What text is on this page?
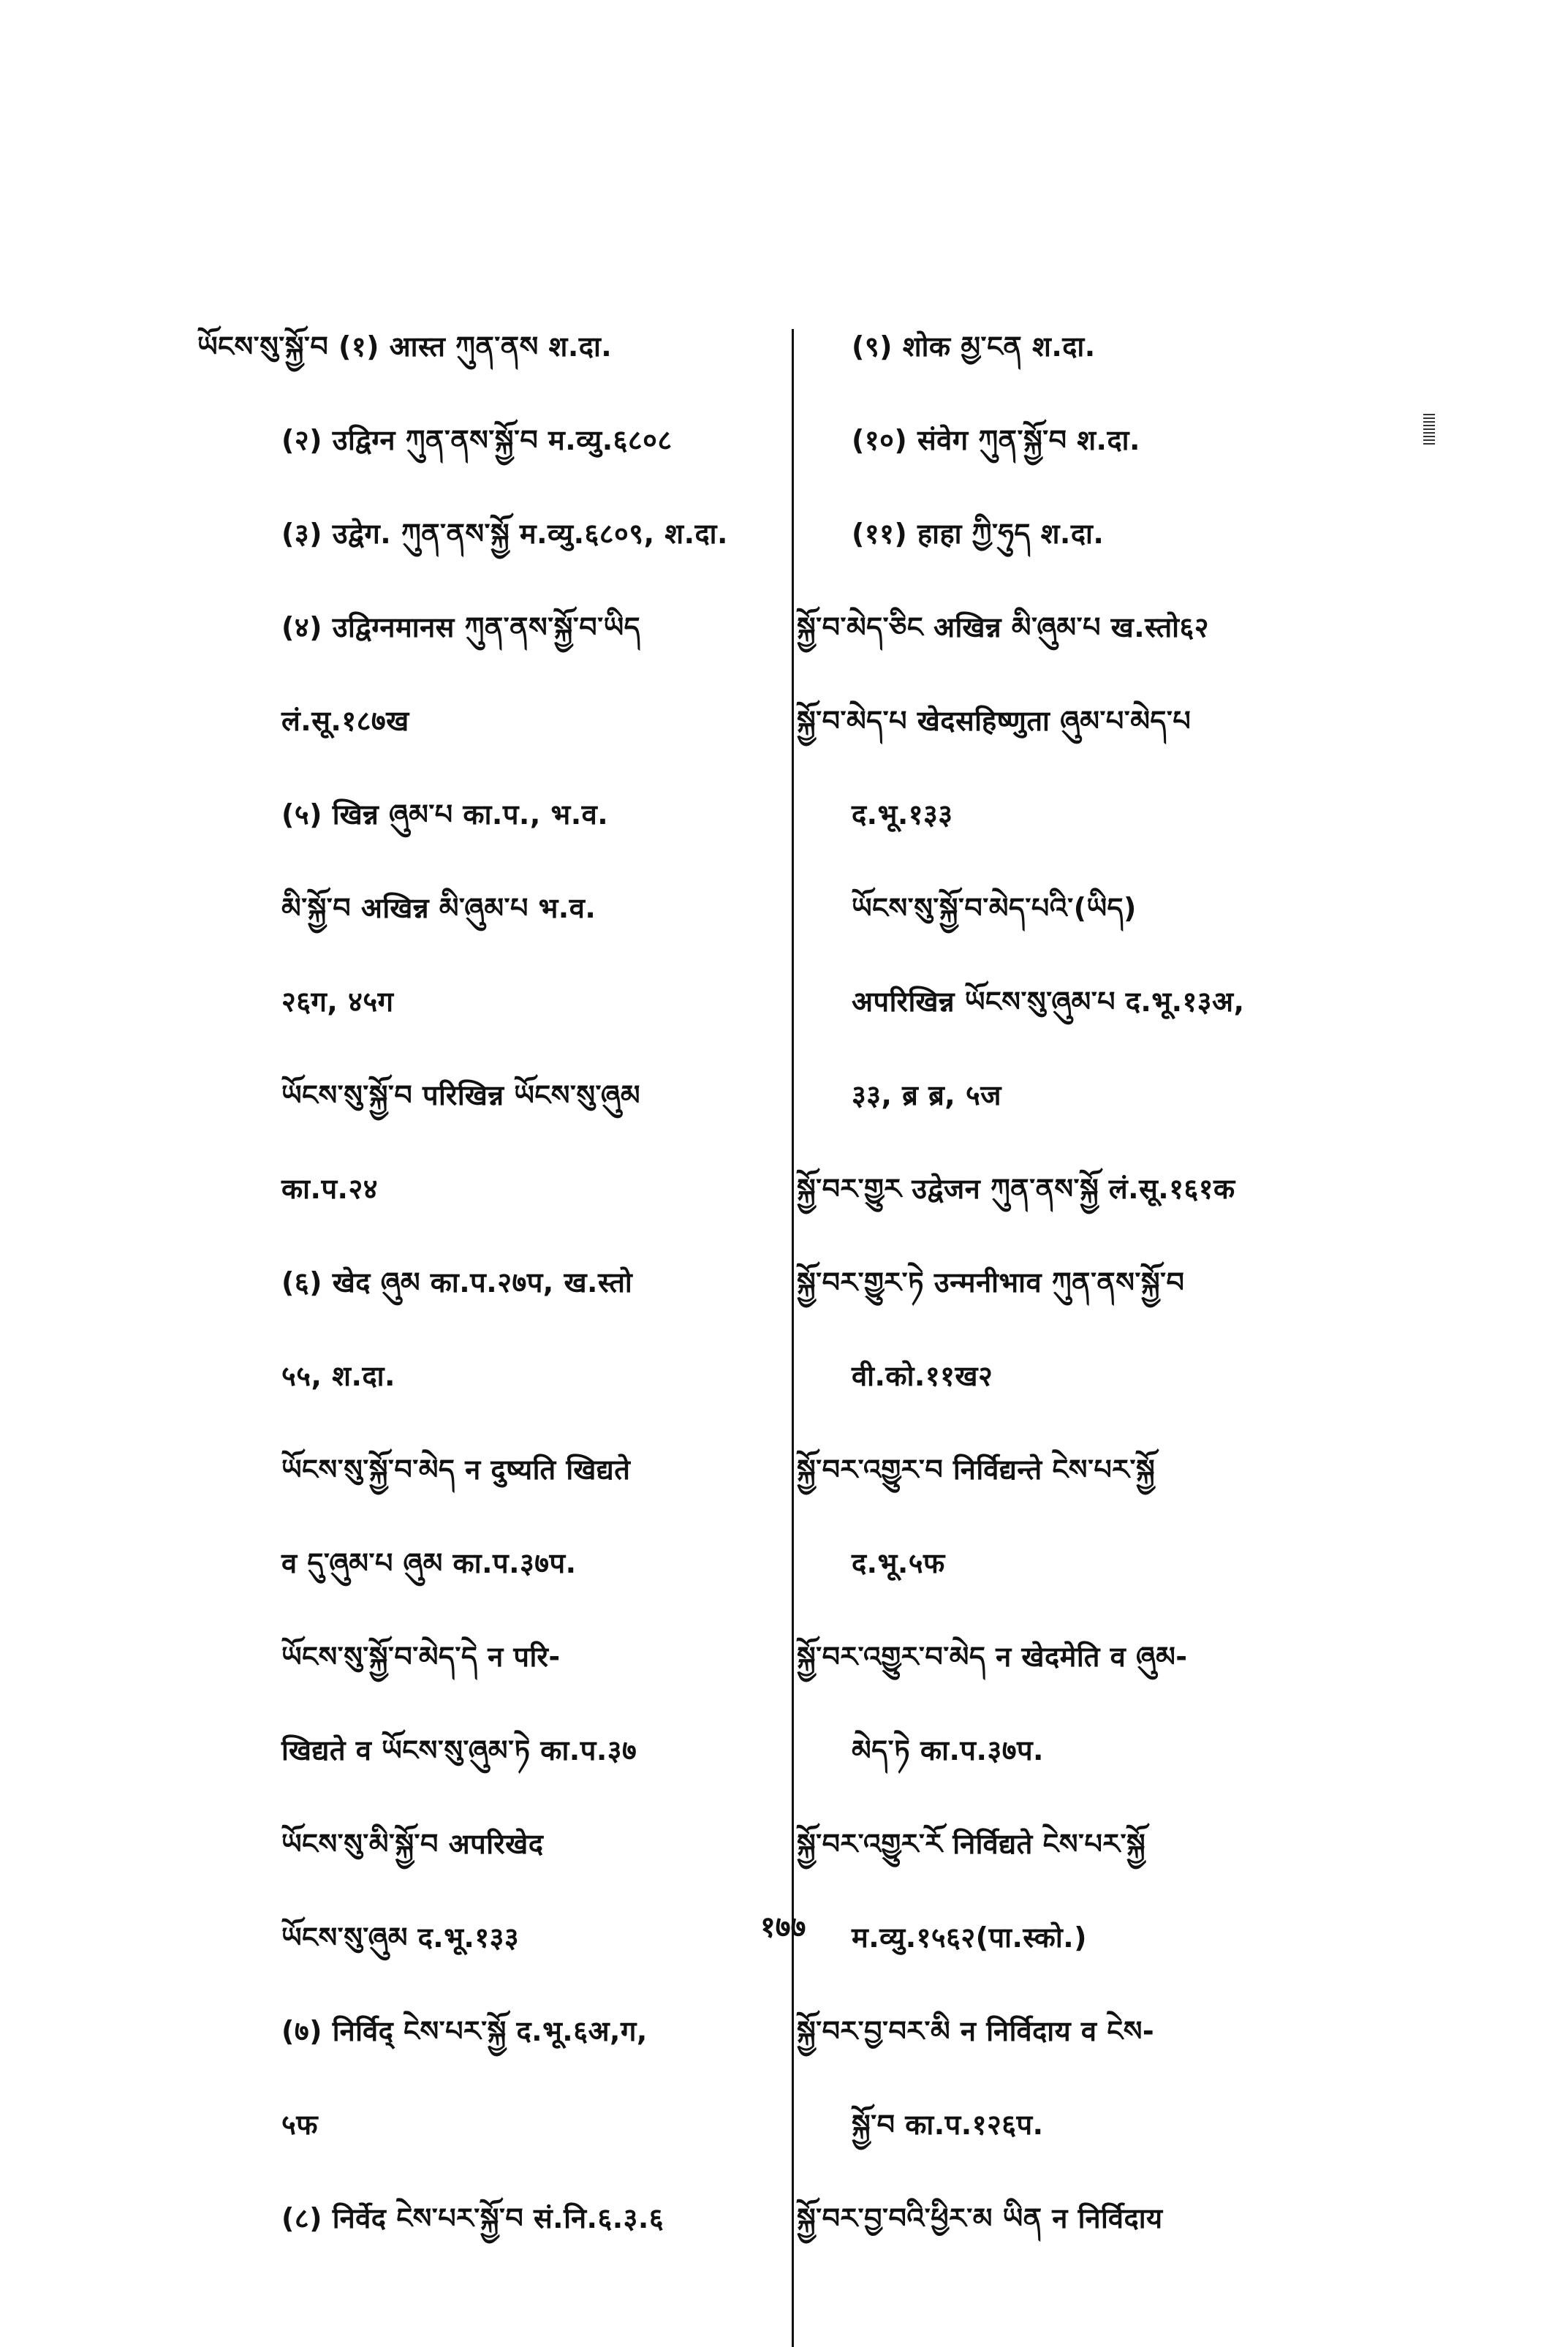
ཡོངས་སུ་སྐྱོ་བ (१) आस्त ཀུན་ནས श.दा.
(२) उद्विग्न ཀུན་ནས་སྐྱོ་བ म.व्यु.६८०८
(३) उद्वेग. ཀུན་ནས་སྐྱོ म.व्यु.६८०९, श.दा.
(४) उद्विग्नमानस ཀུན་ནས་སྐྱོ་བ་ཡིད
लं.सू.१८७ख
(५) खिन्न ཞུམ་པ का.प., भ.व.
མི་སྐྱོ་བ अखिन्न མི་ཞུམ་པ भ.व.
२६ग, ४५ग
ཡོངས་སུ་སྐྱོ་བ परिखिन्न ཡོངས་སུ་ཞུམ
का.प.२४
(६) खेद ཞུམ का.प.२७प, ख.स्तो
५५, श.दा.
ཡོངས་སུ་སྐྱོ་བ་མེད न दुष्यति खिद्यते
व དུ་ཞུམ་པ ཞུམ का.प.३७प.
ཡོངས་སུ་སྐྱོ་བ་མེད་དེ न परि-
खिद्यते व ཡོངས་སུ་ཞུམ་ཏེ का.प.३७
ཡོངས་སུ་མི་སྐྱོ་བ अपरिखेद
ཡོངས་སུ་ཞུམ द.भू.१३३
(७) निर्विद् ངེས་པར་སྐྱོ द.भू.६अ,ग,
५फ
(८) निर्वेद ངེས་པར་སྐྱོ་བ सं.नि.६.३.६
(९) शोक མྱ་ངན श.दा.
(१०) संवेग ཀུན་སྐྱོ་བ श.दा.
(११) हाहा ཀྱི་ཧུད श.दा.
སྐྱོ་བ་མེད་ཅིང अखिन्न མི་ཞུམ་པ ख.स्तो६२
སྐྱོ་བ་མེད་པ खेदसहिष्णुता ཞུམ་པ་མེད་པ
द.भू.१३३
ཡོངས་སུ་སྐྱོ་བ་མེད་པའི་(ཡིད)
अपरिखिन्न ཡོངས་སུ་ཞུམ་པ द.भू.१३अ,
३३, ब्र ब्र, ५ज
སྐྱོ་བར་གྱུར उद्वेजन ཀུན་ནས་སྐྱོ लं.सू.१६१क
སྐྱོ་བར་གྱུར་ཏེ उन्मनीभाव ཀུན་ནས་སྐྱོ་བ
वी.को.११ख२
སྐྱོ་བར་འགྱུར་བ निर्विद्यन्ते ངེས་པར་སྐྱོ
द.भू.५फ
སྐྱོ་བར་འགྱུར་བ་མེད न खेदमेति व ཞུམ-
མེད་ཏེ का.प.३७प.
སྐྱོ་བར་འགྱུར་རོ निर्विद्यते ངེས་པར་སྐྱོ
म.व्यु.१५६२(पा.स्को.)
སྐྱོ་བར་བྱ་བར་མི न निर्विदाय व ངེས-
སྐྱོ་བ का.प.१२६प.
སྐྱོ་བར་བྱ་བའི་ཕྱིར་མ ཡིན न निर्विदाय
१७७
